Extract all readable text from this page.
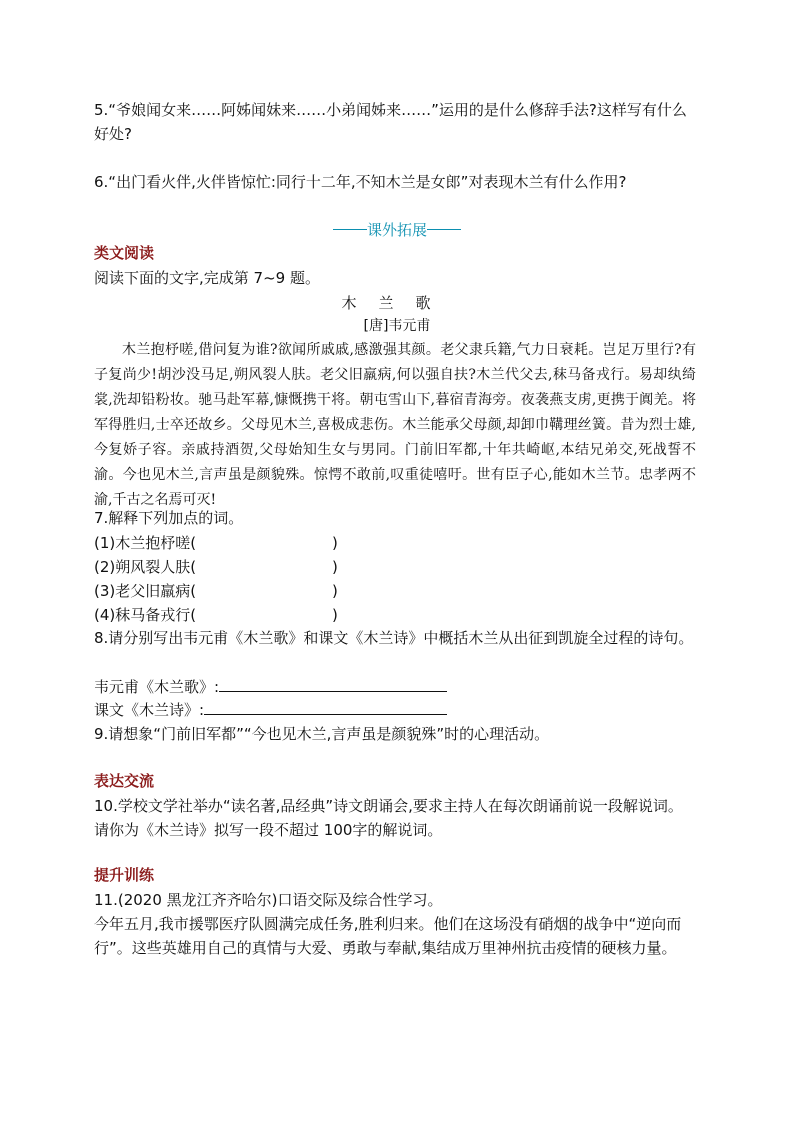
5.“爷娘闻女来……阿姊闻妹来……小弟闻姊来……”运用的是什么修辞手法?这样写有什么好处?
6.“出门看火伴,火伴皆惊忙:同行十二年,不知木兰是女郎”对表现木兰有什么作用?
课外拓展
类文阅读
阅读下面的文字,完成第 7~9 题。
木兰歌
[唐]韦元甫
木兰抱杼嗟,借问复为谁?欲闻所戚戚,感激强其颜。老父隶兵籍,气力日衰耗。岂足万里行?有子复尚少!胡沙没马足,朔风裂人肤。老父旧羸病,何以强自扶?木兰代父去,秣马备戎行。易却纨绮裳,洗却铅粉妆。驰马赴军幕,慷慨携干将。朝屯雪山下,暮宿青海旁。夜袭燕支虏,更携于阗羌。将军得胜归,士卒还故乡。父母见木兰,喜极成悲伤。木兰能承父母颜,却卸巾鞲理丝簧。昔为烈士雄,今复娇子容。亲戚持酒贺,父母始知生女与男同。门前旧军都,十年共崎岖,本结兄弟交,死战誓不渝。今也见木兰,言声虽是颜貌殊。惊愕不敢前,叹重徒嘻吁。世有臣子心,能如木兰节。忠孝两不渝,千古之名焉可灭!
7.解释下列加点的词。
(1)木兰抱杼嗟(	)
(2)朔风裂人肤(	)
(3)老父旧羸病(	)
(4)秣马备戎行(	)
8.请分别写出韦元甫《木兰歌》和课文《木兰诗》中概括木兰从出征到凯旋全过程的诗句。
韦元甫《木兰歌》:
课文《木兰诗》:
9.请想象“门前旧军都”“今也见木兰,言声虽是颜貌殊”时的心理活动。
表达交流
10.学校文学社举办“读名著,品经典”诗文朗诵会,要求主持人在每次朗诵前说一段解说词。请你为《木兰诗》拟写一段不超过 100字的解说词。
提升训练
11.(2020 黑龙江齐齐哈尔)口语交际及综合性学习。
今年五月,我市援鄂医疗队圆满完成任务,胜利归来。他们在这场没有硝烟的战争中“逆向而行”。这些英雄用自己的真情与大爱、勇敢与奉献,集结成万里神州抗击疫情的硬核力量。
